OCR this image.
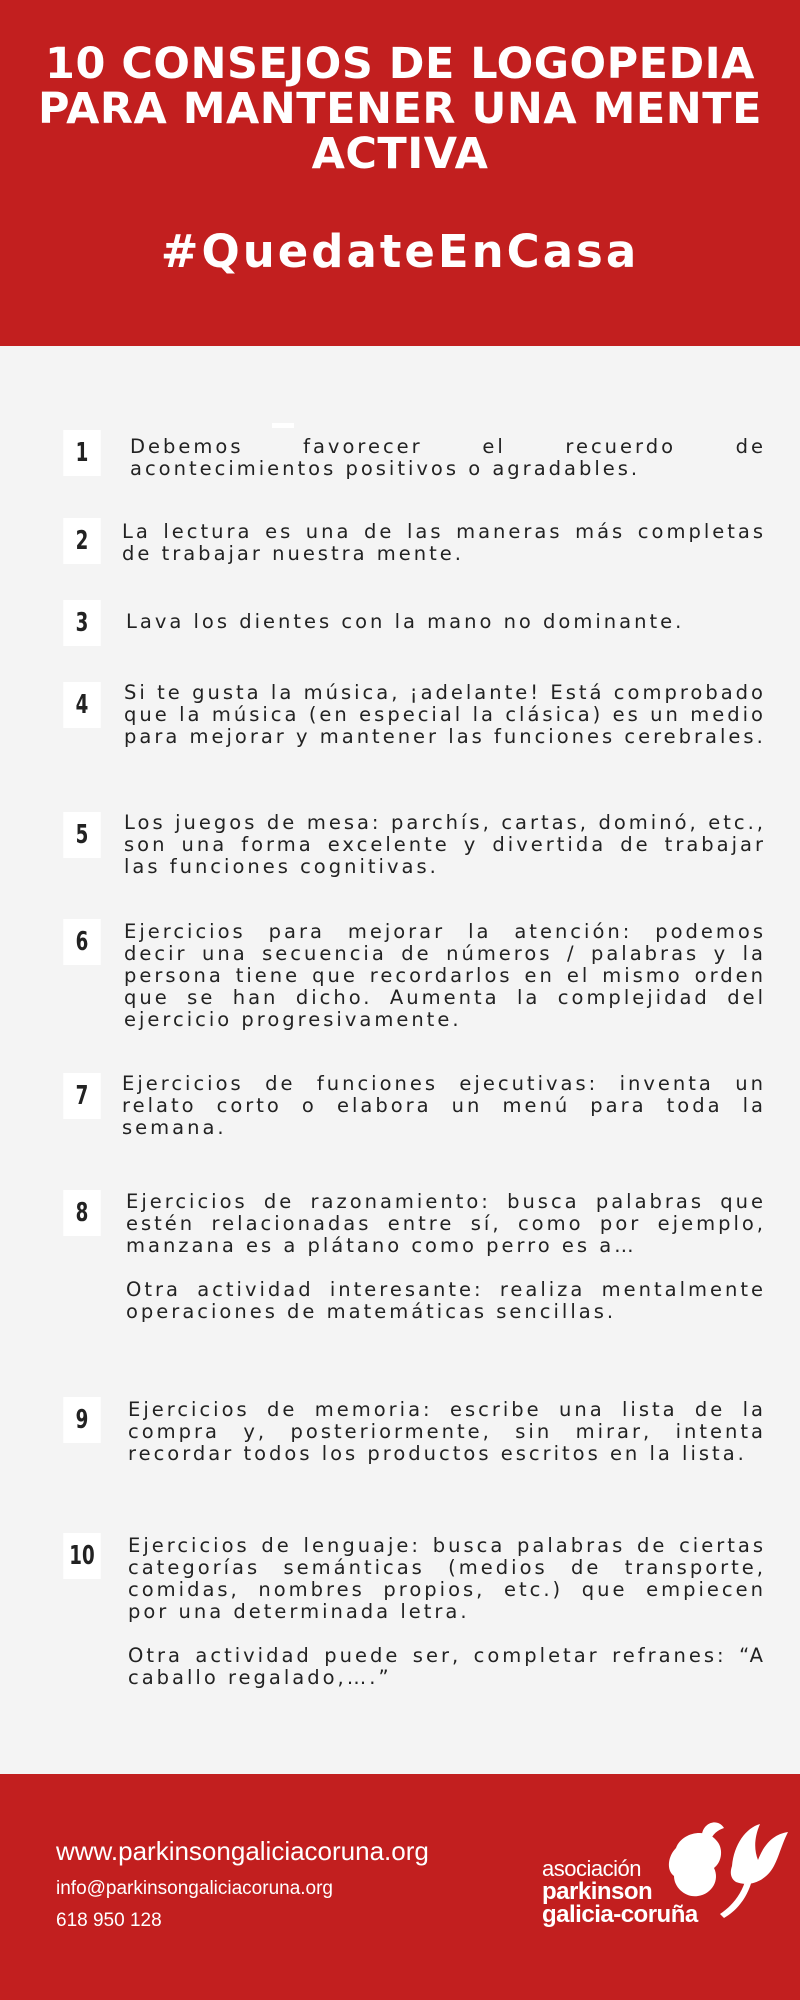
10 CONSEJOS DE LOGOPEDIA
PARA MANTENER UNA MENTE
ACTIVA
#QuedateEnCasa
1	Debemos favorecer el recuerdo de acontecimientos positivos o agradables.

2	La lectura es una de las maneras más completas de trabajar nuestra mente.

3	Lava los dientes con la mano no dominante.

4	Si te gusta la música, ¡adelante! Está comprobado que la música (en especial la clásica) es un medio para mejorar y mantener las funciones cerebrales.

5	Los juegos de mesa: parchís, cartas, dominó, etc., son una forma excelente y divertida de trabajar las funciones cognitivas.

6	Ejercicios para mejorar la atención: podemos decir una secuencia de números / palabras y la persona tiene que recordarlos en el mismo orden que se han dicho. Aumenta la complejidad del ejercicio progresivamente.

7	Ejercicios de funciones ejecutivas: inventa un relato corto o elabora un menú para toda la semana.

8	Ejercicios de razonamiento: busca palabras que estén relacionadas entre sí, como por ejemplo, manzana es a plátano como perro es a…

Otra actividad interesante: realiza mentalmente operaciones de matemáticas sencillas.

9	Ejercicios de memoria: escribe una lista de la compra y, posteriormente, sin mirar, intenta recordar todos los productos escritos en la lista.

10	Ejercicios de lenguaje: busca palabras de ciertas categorías semánticas (medios de transporte, comidas, nombres propios, etc.) que empiecen por una determinada letra.

Otra actividad puede ser, completar refranes: “A caballo regalado,….”

www.parkinsongaliciacoruna.org
info@parkinsongaliciacoruna.org
618 950 128
asociación
parkinson
galicia-coruña
